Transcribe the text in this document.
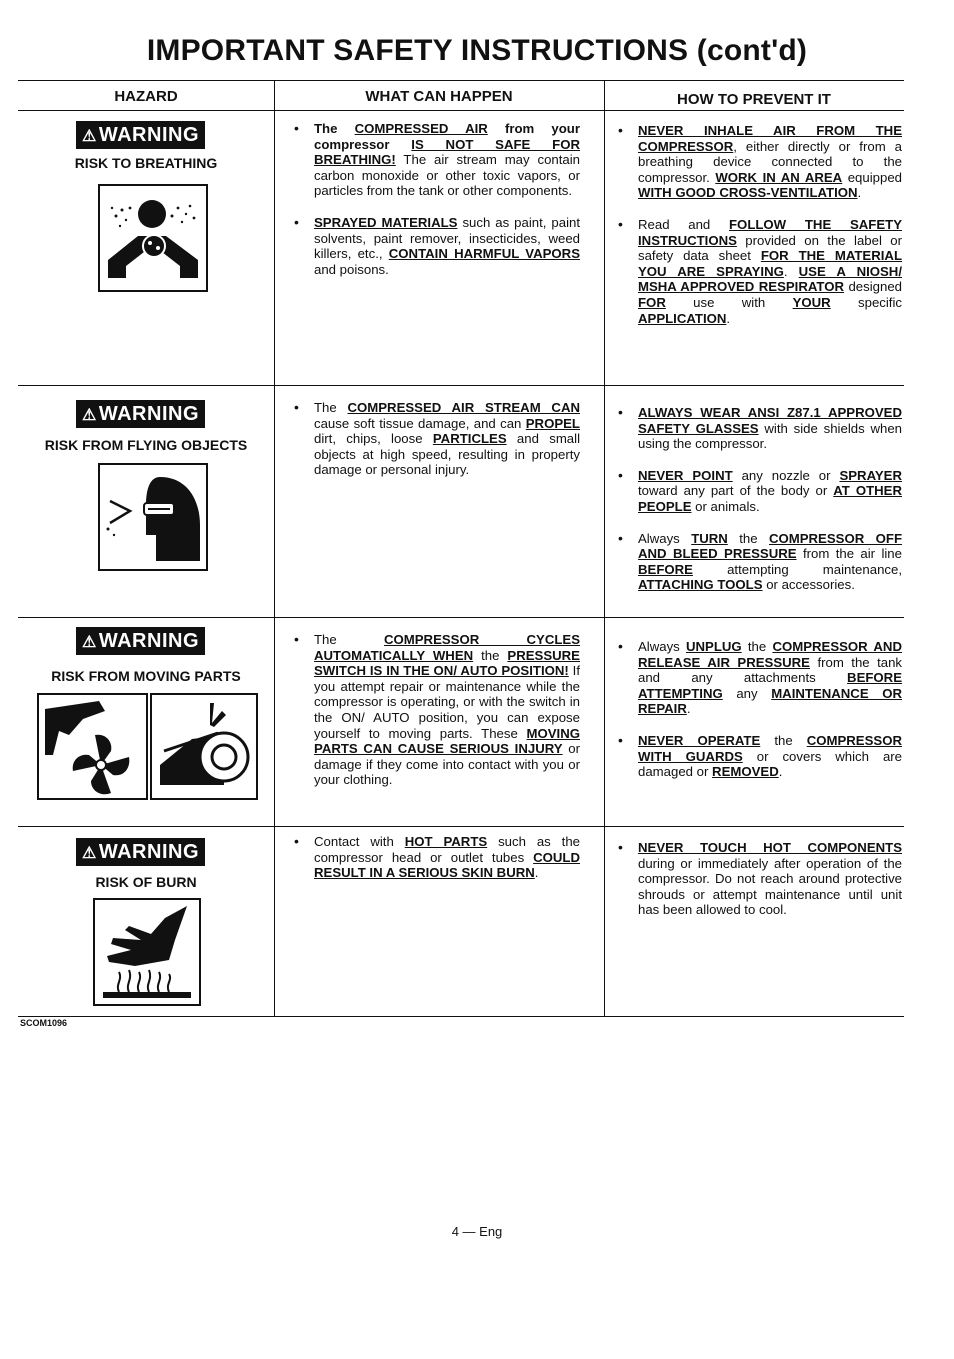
IMPORTANT SAFETY INSTRUCTIONS (cont'd)
HAZARD	WHAT CAN HAPPEN	HOW TO PREVENT IT
⚠ WARNING
RISK TO BREATHING
• The COMPRESSED AIR from your compressor IS NOT SAFE FOR BREATHING! The air stream may contain carbon monoxide or other toxic vapors, or particles from the tank or other components.
• SPRAYED MATERIALS such as paint, paint solvents, paint remover, insecticides, weed killers, etc., CONTAIN HARMFUL VAPORS and poisons.
• NEVER INHALE AIR FROM THE COMPRESSOR, either directly or from a breathing device connected to the compressor. WORK IN AN AREA equipped WITH GOOD CROSS-VENTILATION.
• Read and FOLLOW THE SAFETY INSTRUCTIONS provided on the label or safety data sheet FOR THE MATERIAL YOU ARE SPRAYING. USE A NIOSH/ MSHA APPROVED RESPIRATOR designed FOR use with YOUR specific APPLICATION.
⚠ WARNING
RISK FROM FLYING OBJECTS
• The COMPRESSED AIR STREAM CAN cause soft tissue damage, and can PROPEL dirt, chips, loose PARTICLES and small objects at high speed, resulting in property damage or personal injury.
• ALWAYS WEAR ANSI Z87.1 APPROVED SAFETY GLASSES with side shields when using the compressor.
• NEVER POINT any nozzle or SPRAYER toward any part of the body or AT OTHER PEOPLE or animals.
• Always TURN the COMPRESSOR OFF AND BLEED PRESSURE from the air line BEFORE attempting maintenance, ATTACHING TOOLS or accessories.
⚠ WARNING
RISK FROM MOVING PARTS
• The COMPRESSOR CYCLES AUTOMATICALLY WHEN the PRESSURE SWITCH IS IN THE ON/ AUTO POSITION! If you attempt repair or maintenance while the compressor is operating, or with the switch in the ON/ AUTO position, you can expose yourself to moving parts. These MOVING PARTS CAN CAUSE SERIOUS INJURY or damage if they come into contact with you or your clothing.
• Always UNPLUG the COMPRESSOR AND RELEASE AIR PRESSURE from the tank and any attachments BEFORE ATTEMPTING any MAINTENANCE OR REPAIR.
• NEVER OPERATE the COMPRESSOR WITH GUARDS or covers which are damaged or REMOVED.
⚠ WARNING
RISK OF BURN
• Contact with HOT PARTS such as the compressor head or outlet tubes COULD RESULT IN A SERIOUS SKIN BURN.
• NEVER TOUCH HOT COMPONENTS during or immediately after operation of the compressor. Do not reach around protective shrouds or attempt maintenance until unit has been allowed to cool.
SCOM1096
4 — Eng
